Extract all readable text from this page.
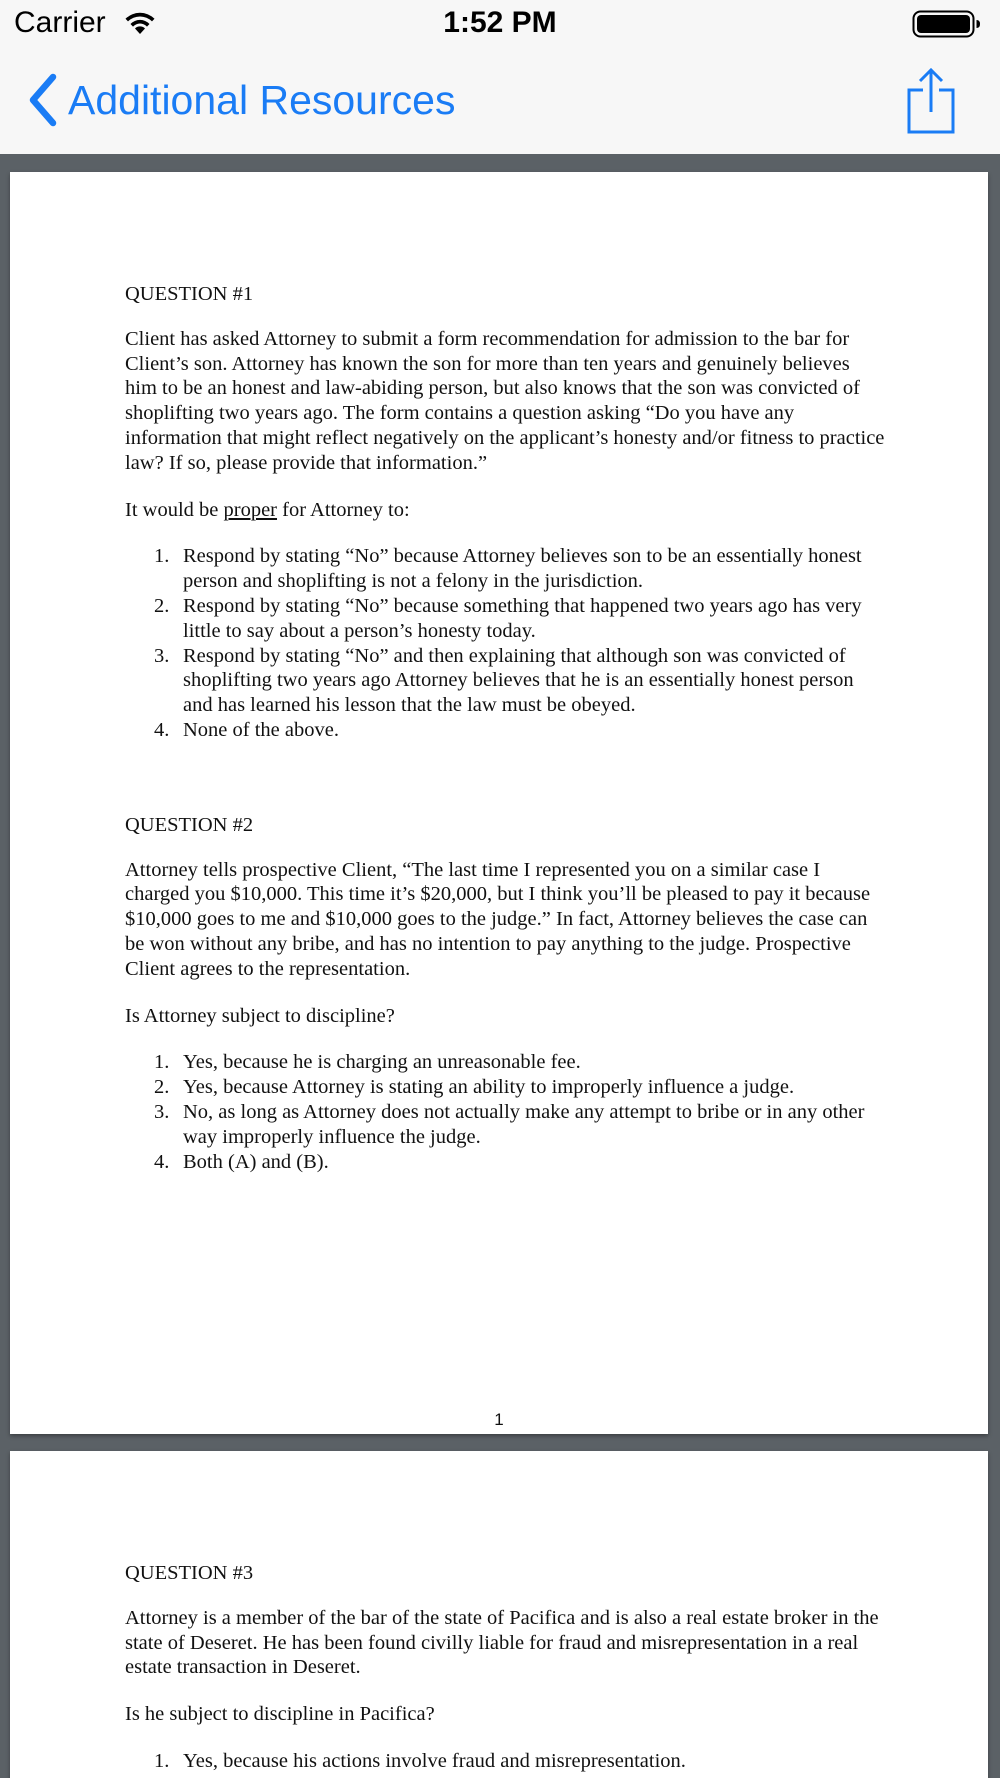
Carrier	1:52 PM
Additional Resources

QUESTION #1

Client has asked Attorney to submit a form recommendation for admission to the bar for Client’s son. Attorney has known the son for more than ten years and genuinely believes him to be an honest and law-abiding person, but also knows that the son was convicted of shoplifting two years ago. The form contains a question asking “Do you have any information that might reflect negatively on the applicant’s honesty and/or fitness to practice law? If so, please provide that information.”

It would be proper for Attorney to:

1. Respond by stating “No” because Attorney believes son to be an essentially honest person and shoplifting is not a felony in the jurisdiction.
2. Respond by stating “No” because something that happened two years ago has very little to say about a person’s honesty today.
3. Respond by stating “No” and then explaining that although son was convicted of shoplifting two years ago Attorney believes that he is an essentially honest person and has learned his lesson that the law must be obeyed.
4. None of the above.

QUESTION #2

Attorney tells prospective Client, “The last time I represented you on a similar case I charged you $10,000. This time it’s $20,000, but I think you’ll be pleased to pay it because $10,000 goes to me and $10,000 goes to the judge.” In fact, Attorney believes the case can be won without any bribe, and has no intention to pay anything to the judge. Prospective Client agrees to the representation.

Is Attorney subject to discipline?

1. Yes, because he is charging an unreasonable fee.
2. Yes, because Attorney is stating an ability to improperly influence a judge.
3. No, as long as Attorney does not actually make any attempt to bribe or in any other way improperly influence the judge.
4. Both (A) and (B).
1

QUESTION #3

Attorney is a member of the bar of the state of Pacifica and is also a real estate broker in the state of Deseret. He has been found civilly liable for fraud and misrepresentation in a real estate transaction in Deseret.

Is he subject to discipline in Pacifica?

1. Yes, because his actions involve fraud and misrepresentation.
